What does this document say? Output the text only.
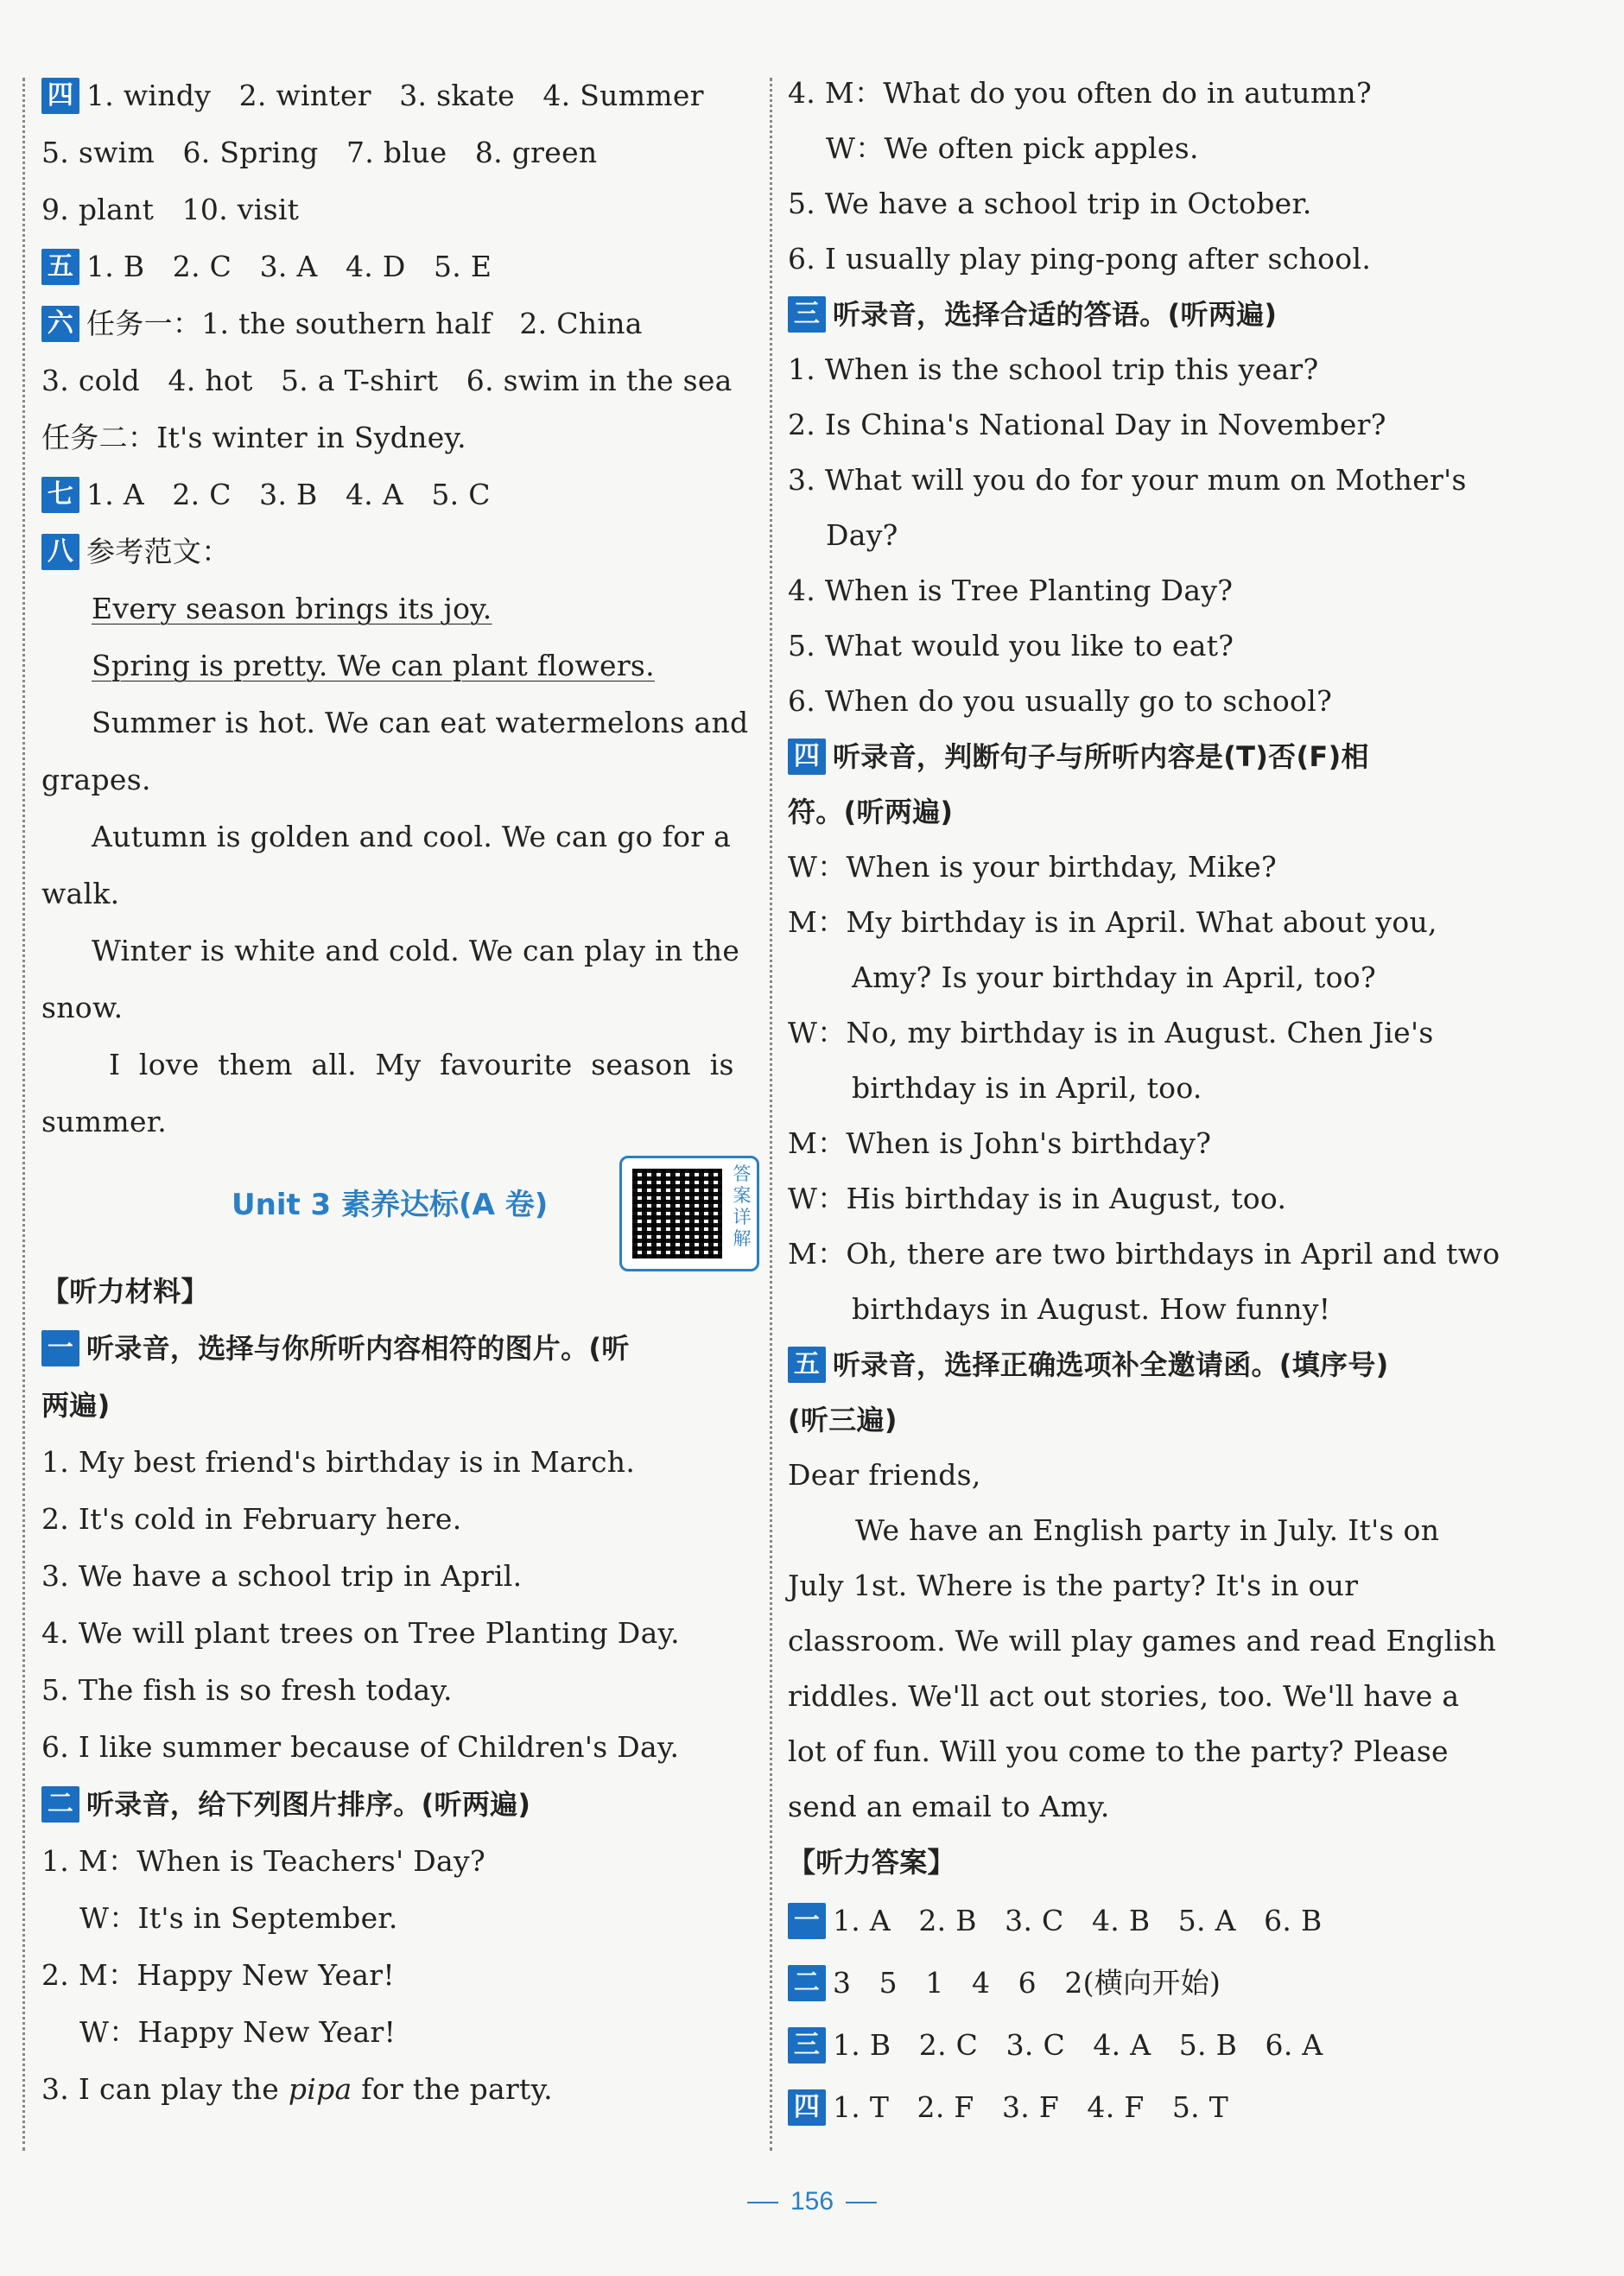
四 1. windy   2. winter   3. skate   4. Summer
5. swim   6. Spring   7. blue   8. green
9. plant   10. visit
五 1. B   2. C   3. A   4. D   5. E
六 任务一：1. the southern half   2. China
3. cold   4. hot   5. a T-shirt   6. swim in the sea
任务二：It's winter in Sydney.
七 1. A   2. C   3. B   4. A   5. C
八 参考范文：
Every season brings its joy.
Spring is pretty. We can plant flowers.
Summer is hot. We can eat watermelons and
grapes.
Autumn is golden and cool. We can go for a
walk.
Winter is white and cold. We can play in the
snow.
I  love  them  all.  My  favourite  season  is
summer.
Unit 3 素养达标(A 卷)
答案详解
【听力材料】
一 听录音，选择与你所听内容相符的图片。(听
两遍)
1. My best friend's birthday is in March.
2. It's cold in February here.
3. We have a school trip in April.
4. We will plant trees on Tree Planting Day.
5. The fish is so fresh today.
6. I like summer because of Children's Day.
二 听录音，给下列图片排序。(听两遍)
1. M：When is Teachers' Day?
W：It's in September.
2. M：Happy New Year!
W：Happy New Year!
3. I can play the pipa for the party.
4. M：What do you often do in autumn?
W：We often pick apples.
5. We have a school trip in October.
6. I usually play ping-pong after school.
三 听录音，选择合适的答语。(听两遍)
1. When is the school trip this year?
2. Is China's National Day in November?
3. What will you do for your mum on Mother's
Day?
4. When is Tree Planting Day?
5. What would you like to eat?
6. When do you usually go to school?
四 听录音，判断句子与所听内容是(T)否(F)相
符。(听两遍)
W：When is your birthday, Mike?
M：My birthday is in April. What about you,
Amy? Is your birthday in April, too?
W：No, my birthday is in August. Chen Jie's
birthday is in April, too.
M：When is John's birthday?
W：His birthday is in August, too.
M：Oh, there are two birthdays in April and two
birthdays in August. How funny!
五 听录音，选择正确选项补全邀请函。(填序号)
(听三遍)
Dear friends,
We have an English party in July. It's on
July 1st. Where is the party? It's in our
classroom. We will play games and read English
riddles. We'll act out stories, too. We'll have a
lot of fun. Will you come to the party? Please
send an email to Amy.
【听力答案】
一 1. A   2. B   3. C   4. B   5. A   6. B
二 3   5   1   4   6   2(横向开始)
三 1. B   2. C   3. C   4. A   5. B   6. A
四 1. T   2. F   3. F   4. F   5. T
156
